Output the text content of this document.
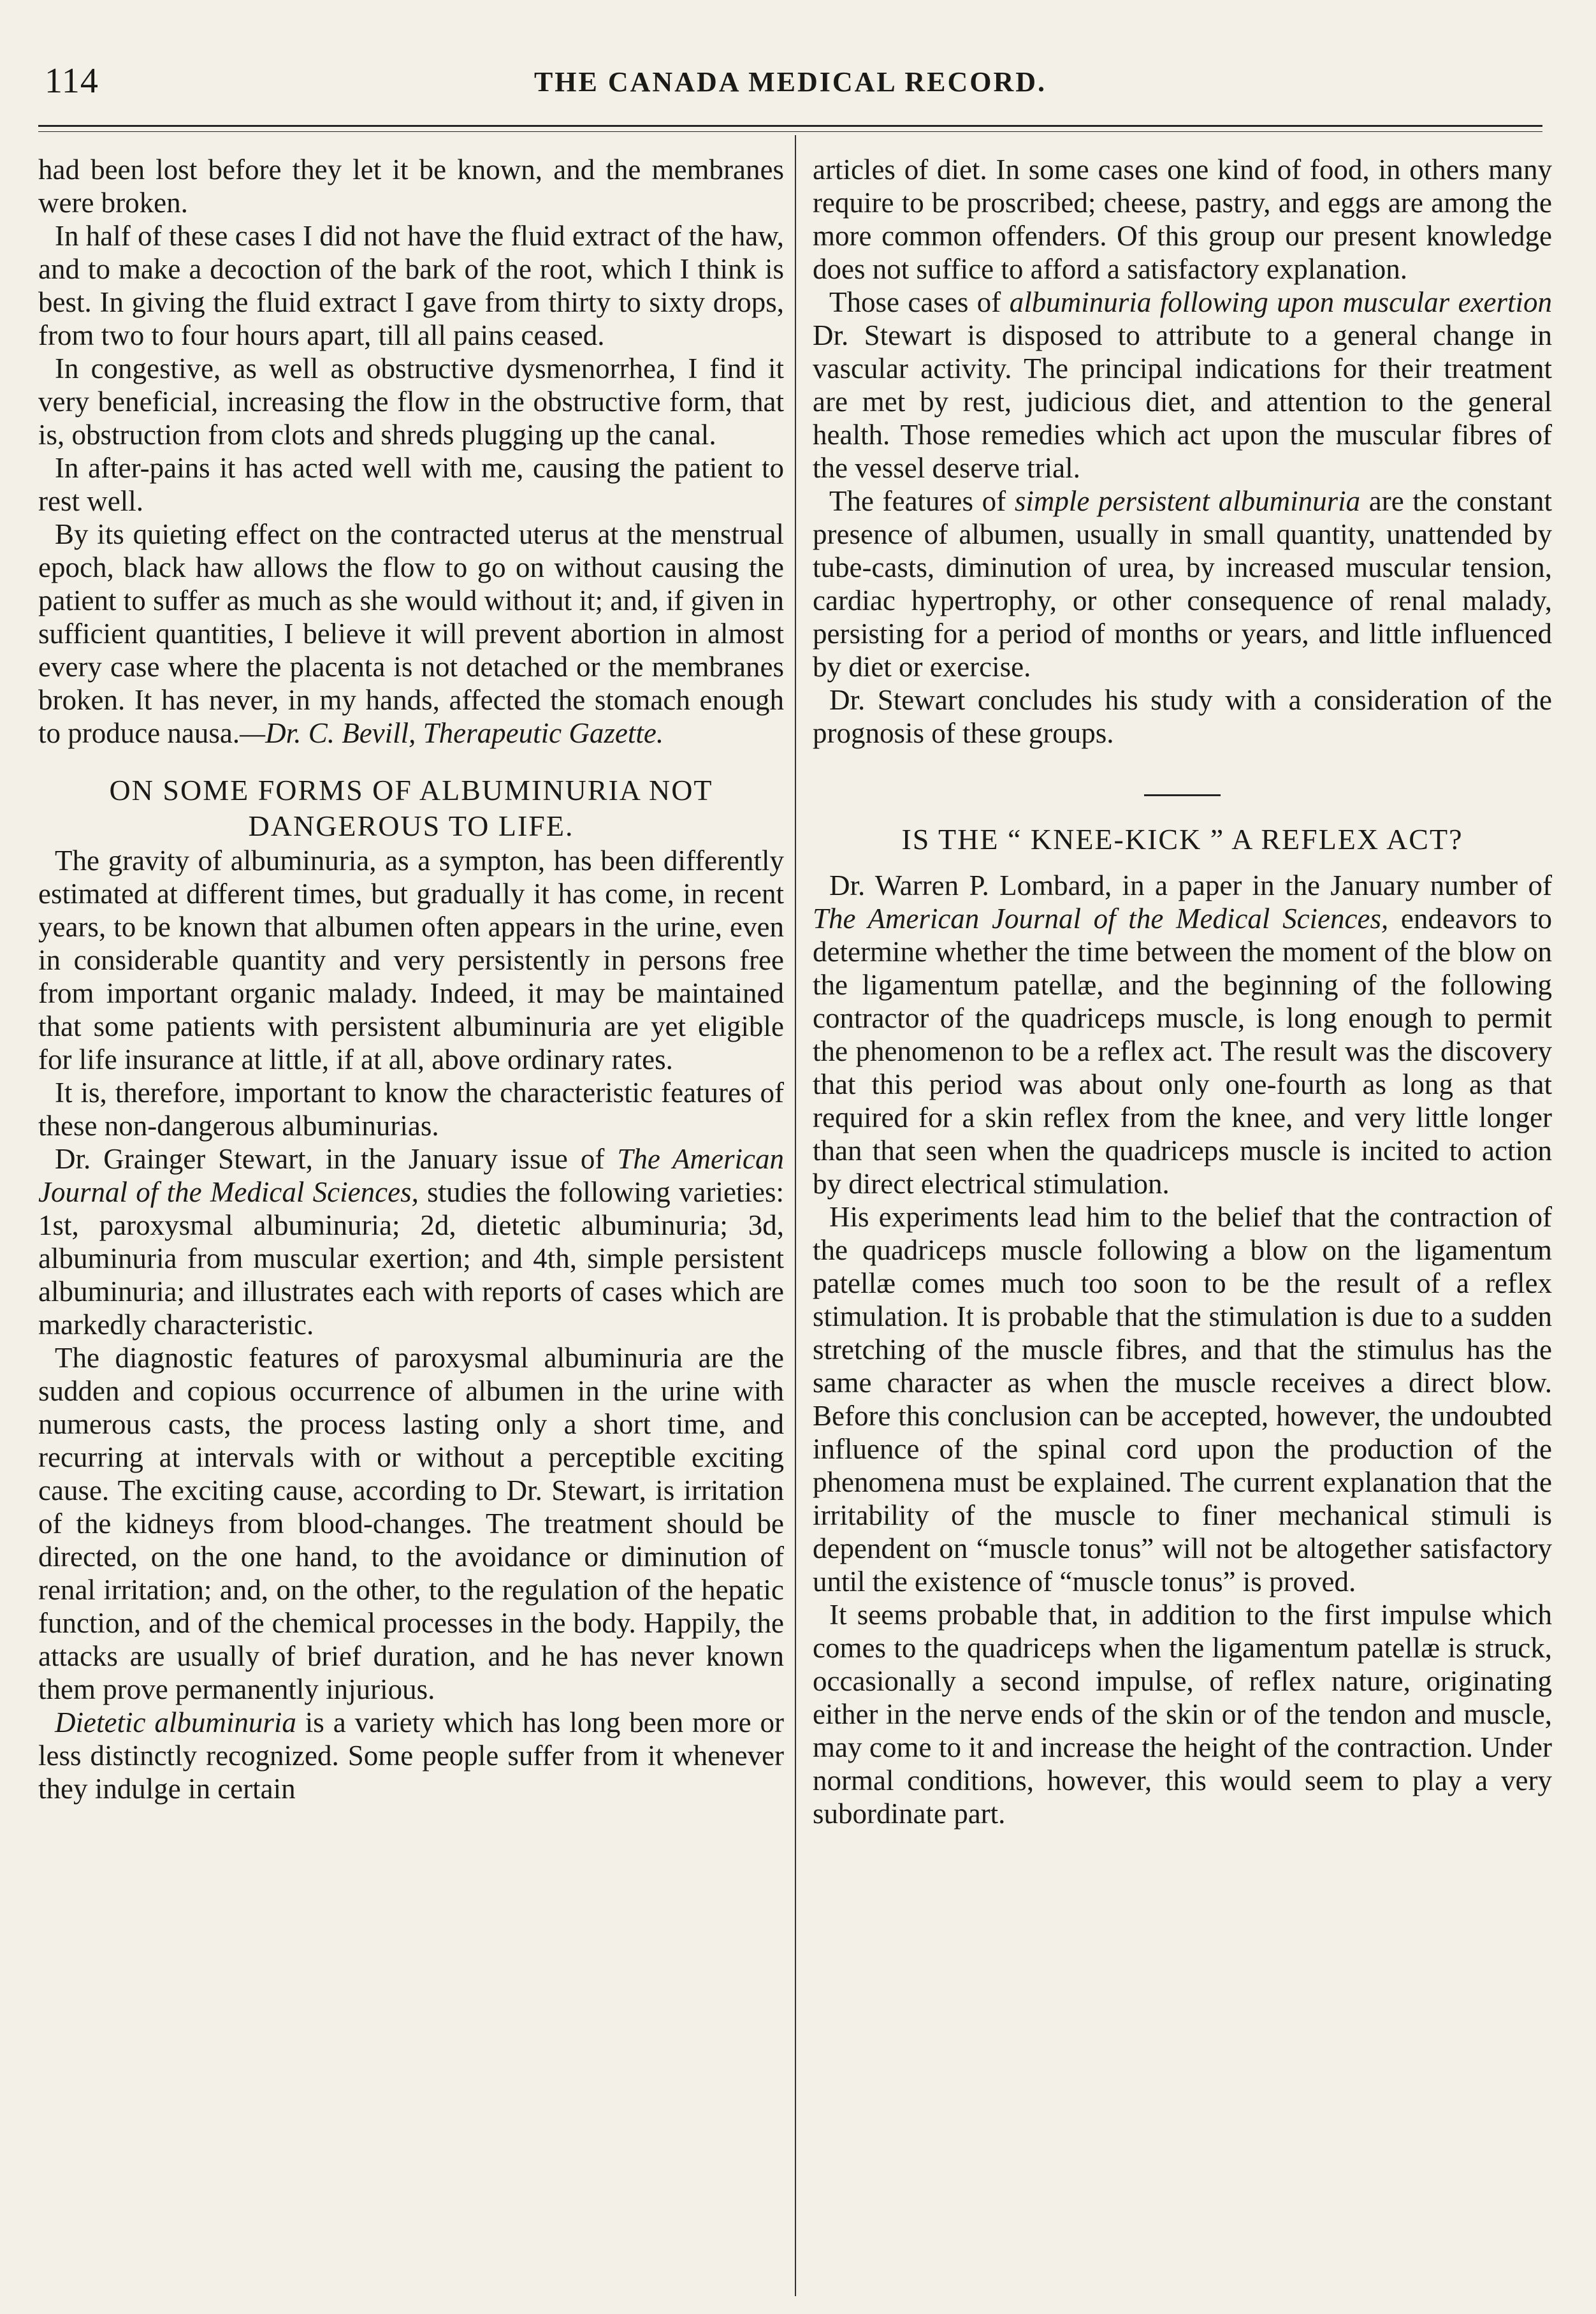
114	THE CANADA MEDICAL RECORD.

had been lost before they let it be known, and the membranes were broken.

In half of these cases I did not have the fluid extract of the haw, and to make a decoction of the bark of the root, which I think is best. In giving the fluid extract I gave from thirty to sixty drops, from two to four hours apart, till all pains ceased.

In congestive, as well as obstructive dysmenorrhea, I find it very beneficial, increasing the flow in the obstructive form, that is, obstruction from clots and shreds plugging up the canal.

In after-pains it has acted well with me, causing the patient to rest well.

By its quieting effect on the contracted uterus at the menstrual epoch, black haw allows the flow to go on without causing the patient to suffer as much as she would without it; and, if given in sufficient quantities, I believe it will prevent abortion in almost every case where the placenta is not detached or the membranes broken. It has never, in my hands, affected the stomach enough to produce nausa.—Dr. C. Bevill, Therapeutic Gazette.

ON SOME FORMS OF ALBUMINURIA NOT DANGEROUS TO LIFE.

The gravity of albuminuria, as a sympton, has been differently estimated at different times, but gradually it has come, in recent years, to be known that albumen often appears in the urine, even in considerable quantity and very persistently in persons free from important organic malady. Indeed, it may be maintained that some patients with persistent albuminuria are yet eligible for life insurance at little, if at all, above ordinary rates.

It is, therefore, important to know the characteristic features of these non-dangerous albuminurias.

Dr. Grainger Stewart, in the January issue of The American Journal of the Medical Sciences, studies the following varieties: 1st, paroxysmal albuminuria; 2d, dietetic albuminuria; 3d, albuminuria from muscular exertion; and 4th, simple persistent albuminuria; and illustrates each with reports of cases which are markedly characteristic.

The diagnostic features of paroxysmal albuminuria are the sudden and copious occurrence of albumen in the urine with numerous casts, the process lasting only a short time, and recurring at intervals with or without a perceptible exciting cause. The exciting cause, according to Dr. Stewart, is irritation of the kidneys from blood-changes. The treatment should be directed, on the one hand, to the avoidance or diminution of renal irritation; and, on the other, to the regulation of the hepatic function, and of the chemical processes in the body. Happily, the attacks are usually of brief duration, and he has never known them prove permanently injurious.

Dietetic albuminuria is a variety which has long been more or less distinctly recognized. Some people suffer from it whenever they indulge in certain

articles of diet. In some cases one kind of food, in others many require to be proscribed; cheese, pastry, and eggs are among the more common offenders. Of this group our present knowledge does not suffice to afford a satisfactory explanation.

Those cases of albuminuria following upon muscular exertion Dr. Stewart is disposed to attribute to a general change in vascular activity. The principal indications for their treatment are met by rest, judicious diet, and attention to the general health. Those remedies which act upon the muscular fibres of the vessel deserve trial.

The features of simple persistent albuminuria are the constant presence of albumen, usually in small quantity, unattended by tube-casts, diminution of urea, by increased muscular tension, cardiac hypertrophy, or other consequence of renal malady, persisting for a period of months or years, and little influenced by diet or exercise.

Dr. Stewart concludes his study with a consideration of the prognosis of these groups.

IS THE “ KNEE-KICK ” A REFLEX ACT?

Dr. Warren P. Lombard, in a paper in the January number of The American Journal of the Medical Sciences, endeavors to determine whether the time between the moment of the blow on the ligamentum patellæ, and the beginning of the following contractor of the quadriceps muscle, is long enough to permit the phenomenon to be a reflex act. The result was the discovery that this period was about only one-fourth as long as that required for a skin reflex from the knee, and very little longer than that seen when the quadriceps muscle is incited to action by direct electrical stimulation.

His experiments lead him to the belief that the contraction of the quadriceps muscle following a blow on the ligamentum patellæ comes much too soon to be the result of a reflex stimulation. It is probable that the stimulation is due to a sudden stretching of the muscle fibres, and that the stimulus has the same character as when the muscle receives a direct blow. Before this conclusion can be accepted, however, the undoubted influence of the spinal cord upon the production of the phenomena must be explained. The current explanation that the irritability of the muscle to finer mechanical stimuli is dependent on “muscle tonus” will not be altogether satisfactory until the existence of “muscle tonus” is proved.

It seems probable that, in addition to the first impulse which comes to the quadriceps when the ligamentum patellæ is struck, occasionally a second impulse, of reflex nature, originating either in the nerve ends of the skin or of the tendon and muscle, may come to it and increase the height of the contraction. Under normal conditions, however, this would seem to play a very subordinate part.
